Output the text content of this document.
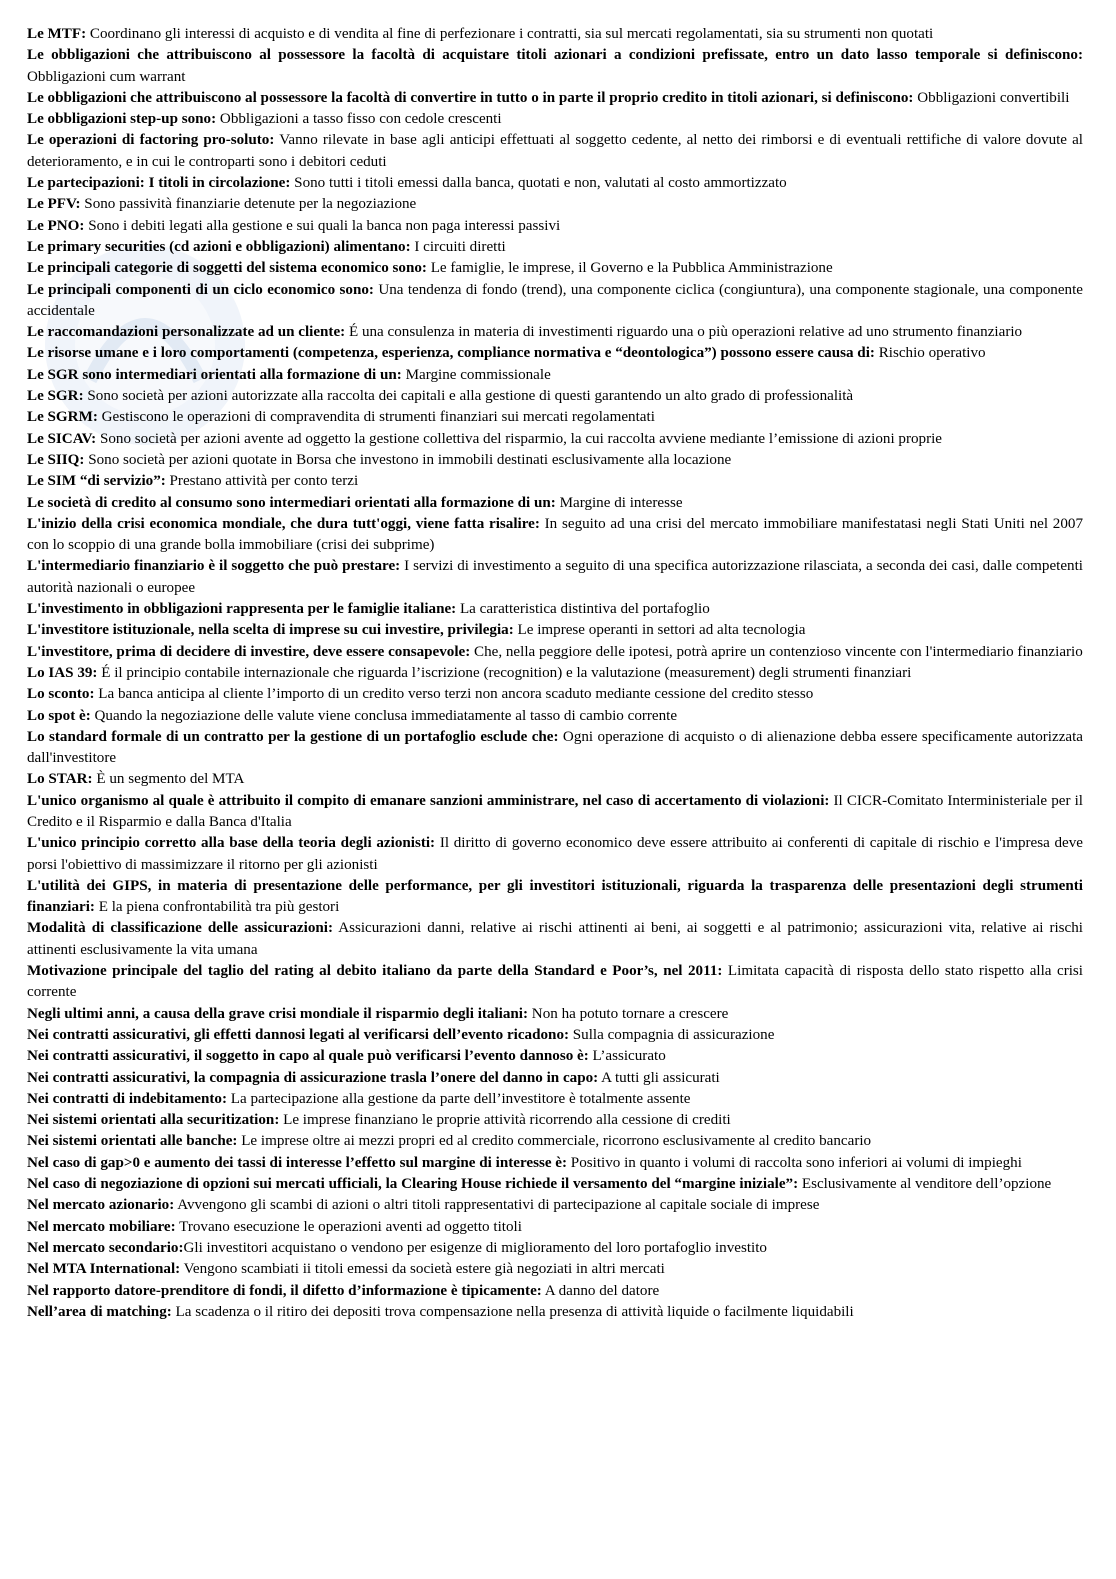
Le MTF: Coordinano gli interessi di acquisto e di vendita al fine di perfezionare i contratti, sia sul mercati regolamentati, sia su strumenti non quotati

Le obbligazioni che attribuiscono al possessore la facoltà di acquistare titoli azionari a condizioni prefissate, entro un dato lasso temporale si definiscono: Obbligazioni cum warrant

Le obbligazioni che attribuiscono al possessore la facoltà di convertire in tutto o in parte il proprio credito in titoli azionari, si definiscono: Obbligazioni convertibili

Le obbligazioni step-up sono: Obbligazioni a tasso fisso con cedole crescenti

Le operazioni di factoring pro-soluto: Vanno rilevate in base agli anticipi effettuati al soggetto cedente, al netto dei rimborsi e di eventuali rettifiche di valore dovute al deterioramento, e in cui le controparti sono i debitori ceduti

Le partecipazioni: I titoli in circolazione: Sono tutti i titoli emessi dalla banca, quotati e non, valutati al costo ammortizzato

Le PFV: Sono passività finanziarie detenute per la negoziazione

Le PNO: Sono i debiti legati alla gestione e sui quali la banca non paga interessi passivi

Le primary securities (cd azioni e obbligazioni) alimentano: I circuiti diretti

Le principali categorie di soggetti del sistema economico sono: Le famiglie, le imprese, il Governo e la Pubblica Amministrazione

Le principali componenti di un ciclo economico sono: Una tendenza di fondo (trend), una componente ciclica (congiuntura), una componente stagionale, una componente accidentale

Le raccomandazioni personalizzate ad un cliente: É una consulenza in materia di investimenti riguardo una o più operazioni relative ad uno strumento finanziario

Le risorse umane e i loro comportamenti (competenza, esperienza, compliance normativa e “deontologica”) possono essere causa di: Rischio operativo

Le SGR sono intermediari orientati alla formazione di un: Margine commissionale

Le SGR: Sono società per azioni autorizzate alla raccolta dei capitali e alla gestione di questi garantendo un alto grado di professionalità

Le SGRM: Gestiscono le operazioni di compravendita di strumenti finanziari sui mercati regolamentati

Le SICAV: Sono società per azioni avente ad oggetto la gestione collettiva del risparmio, la cui raccolta avviene mediante l’emissione di azioni proprie

Le SIIQ: Sono società per azioni quotate in Borsa che investono in immobili destinati esclusivamente alla locazione

Le SIM “di servizio”: Prestano attività per conto terzi

Le società di credito al consumo sono intermediari orientati alla formazione di un: Margine di interesse

L'inizio della crisi economica mondiale, che dura tutt'oggi, viene fatta risalire: In seguito ad una crisi del mercato immobiliare manifestatasi negli Stati Uniti nel 2007 con lo scoppio di una grande bolla immobiliare (crisi dei subprime)

L'intermediario finanziario è il soggetto che può prestare: I servizi di investimento a seguito di una specifica autorizzazione rilasciata, a seconda dei casi, dalle competenti autorità nazionali o europee

L'investimento in obbligazioni rappresenta per le famiglie italiane: La caratteristica distintiva del portafoglio

L'investitore istituzionale, nella scelta di imprese su cui investire, privilegia: Le imprese operanti in settori ad alta tecnologia

L'investitore, prima di decidere di investire, deve essere consapevole: Che, nella peggiore delle ipotesi, potrà aprire un contenzioso vincente con l'intermediario finanziario

Lo IAS 39: É il principio contabile internazionale che riguarda l’iscrizione (recognition) e la valutazione (measurement) degli strumenti finanziari

Lo sconto: La banca anticipa al cliente l’importo di un credito verso terzi non ancora scaduto mediante cessione del credito stesso

Lo spot è: Quando la negoziazione delle valute viene conclusa immediatamente al tasso di cambio corrente

Lo standard formale di un contratto per la gestione di un portafoglio esclude che: Ogni operazione di acquisto o di alienazione debba essere specificamente autorizzata dall'investitore

Lo STAR: È un segmento del MTA

L'unico organismo al quale è attribuito il compito di emanare sanzioni amministrare, nel caso di accertamento di violazioni: Il CICR-Comitato Interministeriale per il Credito e il Risparmio e dalla Banca d'Italia

L'unico principio corretto alla base della teoria degli azionisti: Il diritto di governo economico deve essere attribuito ai conferenti di capitale di rischio e l'impresa deve porsi l'obiettivo di massimizzare il ritorno per gli azionisti

L'utilità dei GIPS, in materia di presentazione delle performance, per gli investitori istituzionali, riguarda la trasparenza delle presentazioni degli strumenti finanziari: E la piena confrontabilità tra più gestori

Modalità di classificazione delle assicurazioni: Assicurazioni danni, relative ai rischi attinenti ai beni, ai soggetti e al patrimonio; assicurazioni vita, relative ai rischi attinenti esclusivamente la vita umana

Motivazione principale del taglio del rating al debito italiano da parte della Standard e Poor’s, nel 2011: Limitata capacità di risposta dello stato rispetto alla crisi corrente

Negli ultimi anni, a causa della grave crisi mondiale il risparmio degli italiani: Non ha potuto tornare a crescere

Nei contratti assicurativi, gli effetti dannosi legati al verificarsi dell’evento ricadono: Sulla compagnia di assicurazione

Nei contratti assicurativi, il soggetto in capo al quale può verificarsi l’evento dannoso è: L’assicurato

Nei contratti assicurativi, la compagnia di assicurazione trasla l’onere del danno in capo: A tutti gli assicurati

Nei contratti di indebitamento: La partecipazione alla gestione da parte dell’investitore è totalmente assente

Nei sistemi orientati alla securitization: Le imprese finanziano le proprie attività ricorrendo alla cessione di crediti

Nei sistemi orientati alle banche: Le imprese oltre ai mezzi propri ed al credito commerciale, ricorrono esclusivamente al credito bancario

Nel caso di gap>0 e aumento dei tassi di interesse l’effetto sul margine di interesse è: Positivo in quanto i volumi di raccolta sono inferiori ai volumi di impieghi

Nel caso di negoziazione di opzioni sui mercati ufficiali, la Clearing House richiede il versamento del “margine iniziale”: Esclusivamente al venditore dell’opzione

Nel mercato azionario: Avvengono gli scambi di azioni o altri titoli rappresentativi di partecipazione al capitale sociale di imprese

Nel mercato mobiliare: Trovano esecuzione le operazioni aventi ad oggetto titoli

Nel mercato secondario:Gli investitori acquistano o vendono per esigenze di miglioramento del loro portafoglio investito

Nel MTA International: Vengono scambiati ii titoli emessi da società estere già negoziati in altri mercati

Nel rapporto datore-prenditore di fondi, il difetto d’informazione è tipicamente: A danno del datore

Nell’area di matching: La scadenza o il ritiro dei depositi trova compensazione nella presenza di attività liquide o facilmente liquidabili
